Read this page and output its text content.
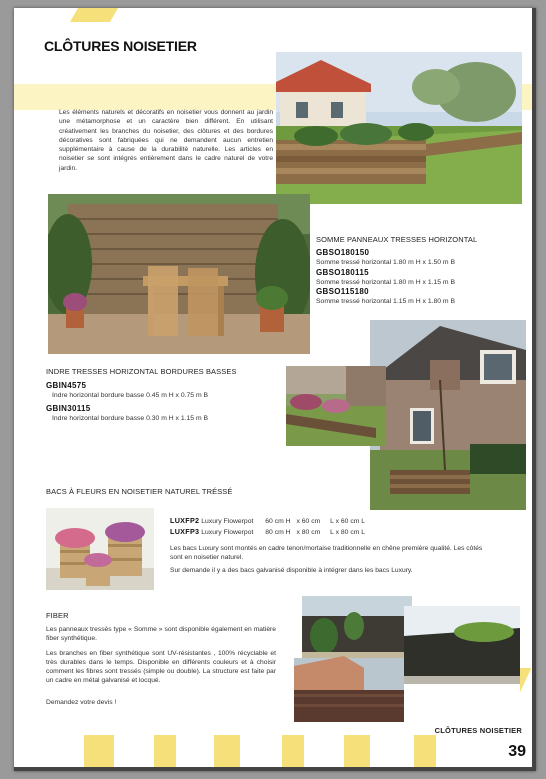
CLÔTURES NOISETIER
Les éléments naturels et décoratifs en noisetier vous donnent au jardin une métamorphose et un caractère bien différent. En utilisant créativement les branches du noisetier, des clôtures et des bordures décoratives sont fabriquées qui ne demandent aucun entretien supplémentaire à cause de la durabilité naturelle. Les articles en noisetier se sont intégrés entièrement dans le cadre naturel de votre jardin.
SOMME PANNEAUX TRESSES HORIZONTAL
GBSO180150
Somme tressé horizontal 1.80 m H x 1.50 m B
GBSO180115
Somme tressé horizontal 1.80 m H x 1.15 m B
GBSO115180
Somme tressé horizontal 1.15 m H x 1.80 m B
INDRE TRESSES HORIZONTAL BORDURES BASSES
GBIN4575
Indre horizontal bordure basse 0.45 m H x 0.75 m B
GBIN30115
Indre horizontal bordure basse 0.30 m H x 1.15 m B
BACS À FLEURS EN NOISETIER NATUREL TRÉSSÉ
LUXFP2 Luxury Flowerpot 60 cm H x 60 cm L x 60 cm L
LUXFP3 Luxury Flowerpot 80 cm H x 80 cm L x 80 cm L
Les bacs Luxury sont montés en cadre tenon/mortaise traditionnelle en chêne première qualité. Les côtés sont en noisetier naturel.
Sur demande il y a des bacs galvanisé disponible à intégrer dans les bacs Luxury.
FIBER
Les panneaux tressés type « Somme » sont disponible également en matière fiber synthétique.
Les branches en fiber synthétique sont UV-résistantes , 100% récyclable et très durables dans le temps. Disponible en différents couleurs et à choisir comment les fibres sont tressés (simple ou double). La structure est faite par un cadre en métal galvanisé et locqué.
Demandez votre devis !
CLÔTURES NOISETIER
39
